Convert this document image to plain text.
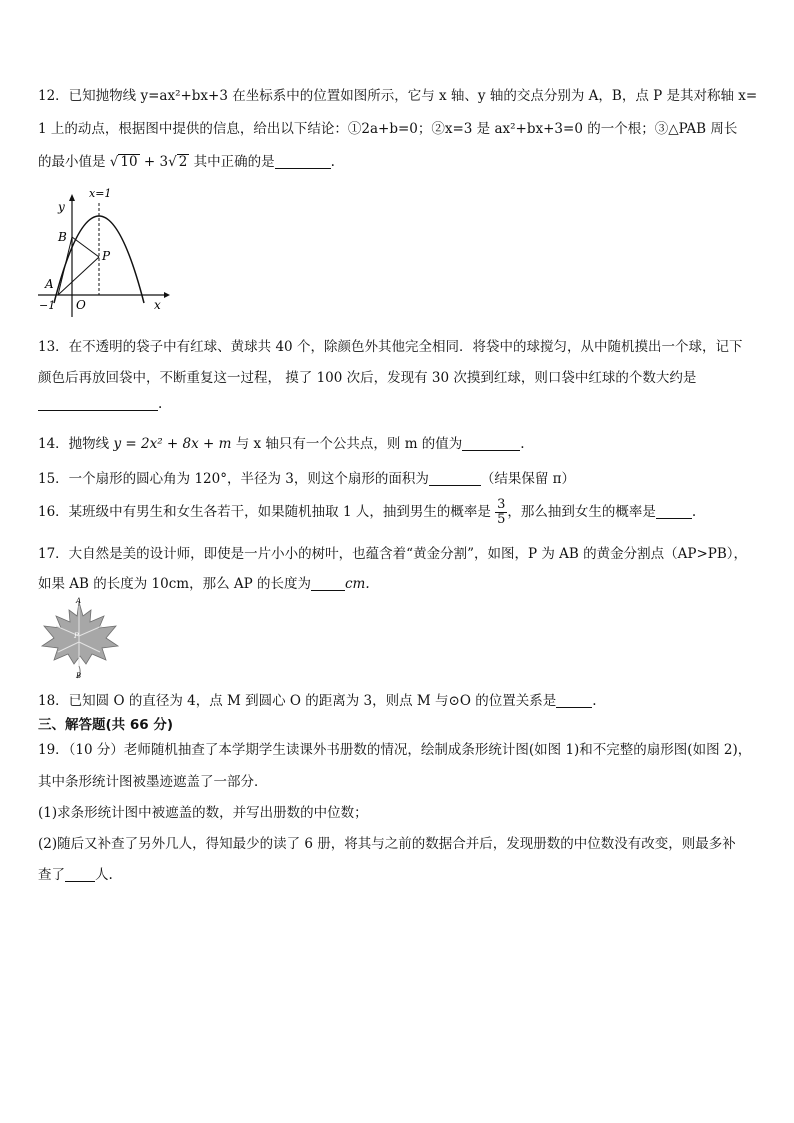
12．已知抛物线 y=ax²+bx+3 在坐标系中的位置如图所示，它与 x 轴、y 轴的交点分别为 A，B，点 P 是其对称轴 x=
1 上的动点，根据图中提供的信息，给出以下结论：①2a+b=0；②x=3 是 ax²+bx+3=0 的一个根；③△PAB 周长
的最小值是 √ 10 + 3√ 2 其中正确的是	.
x=1
y
B
P
A
−1 O	x
13．在不透明的袋子中有红球、黄球共 40 个，除颜色外其他完全相同．将袋中的球搅匀，从中随机摸出一个球，记下
颜色后再放回袋中，不断重复这一过程， 摸了 100 次后，发现有 30 次摸到红球，则口袋中红球的个数大约是
.
14．抛物线 y = 2x² + 8x + m 与 x 轴只有一个公共点，则 m 的值为	.
15．一个扇形的圆心角为 120°，半径为 3，则这个扇形的面积为	（结果保留 π）
16．某班级中有男生和女生各若干，如果随机抽取 1 人，抽到男生的概率是 $\frac{3}{5}$ ，那么抽到女生的概率是	.
17．大自然是美的设计师，即使是一片小小的树叶，也蕴含着“黄金分割”，如图，P 为 AB 的黄金分割点（AP>PB），
如果 AB 的长度为 10cm，那么 AP 的长度为	cm.
A
P
B
18．已知圆 O 的直径为 4，点 M 到圆心 O 的距离为 3，则点 M 与⊙O 的位置关系是	.
三、解答题(共 66 分)
19．（10 分）老师随机抽查了本学期学生读课外书册数的情况，绘制成条形统计图(如图 1)和不完整的扇形图(如图 2)，
其中条形统计图被墨迹遮盖了一部分．
(1)求条形统计图中被遮盖的数，并写出册数的中位数；
(2)随后又补查了另外几人，得知最少的读了 6 册，将其与之前的数据合并后，发现册数的中位数没有改变，则最多补
查了 人.
